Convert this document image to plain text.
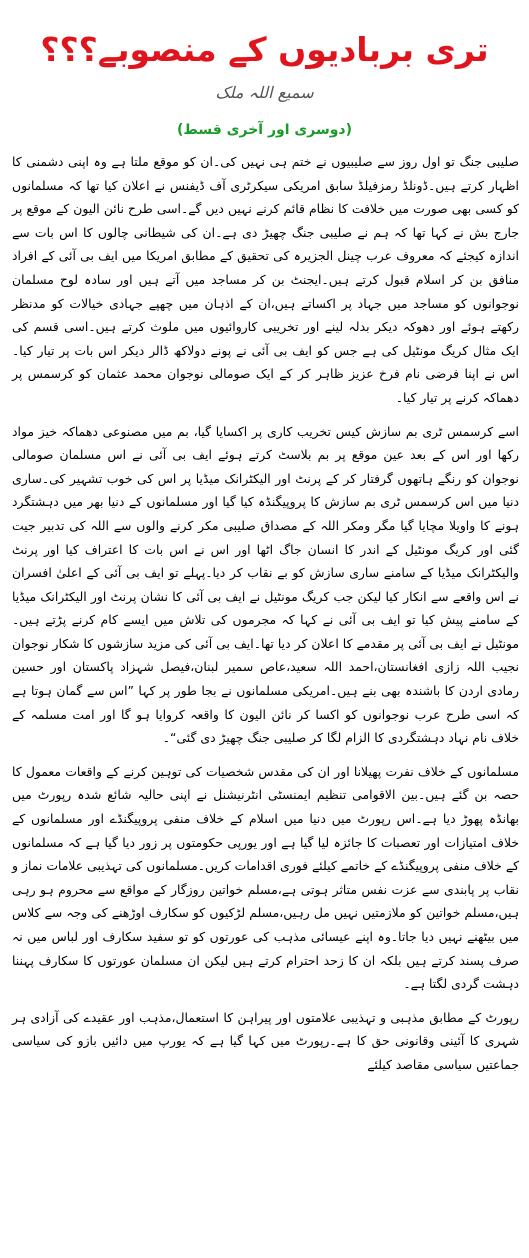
تری بربادیوں کے منصوبے؟؟؟
سمیع اللہ ملک
(دوسری اور آخری قسط)

صلیبی جنگ تو اول روز سے صلیبیوں نے ختم ہی نہیں کی۔ان کو موقع ملتا ہے وہ اپنی دشمنی کا اظہار کرتے ہیں۔ڈونلڈ رمزفیلڈ سابق امریکی سیکرٹری آف ڈیفنس نے اعلان کیا تھا کہ مسلمانوں کو کسی بھی صورت میں خلافت کا نظام قائم کرنے نہیں دیں گے۔اسی طرح نائن الیون کے موقع پر جارج بش نے کہا تھا کہ ہم نے صلیبی جنگ چھیڑ دی ہے۔ان کی شیطانی چالوں کا اس بات سے اندازہ کیجئے کہ معروف عرب چینل الجزیرہ کی تحقیق کے مطابق امریکا میں ایف بی آئی کے افراد منافق بن کر اسلام قبول کرتے ہیں۔ایجنٹ بن کر مساجد میں آتے ہیں اور سادہ لوح مسلمان نوجوانوں کو مساجد میں جہاد پر اکساتے ہیں،ان کے اذہان میں چھپے جہادی خیالات کو مدنظر رکھتے ہوئے اور دھوکہ دیکر بدلہ لینے اور تخریبی کاروائیوں میں ملوث کرتے ہیں۔اسی قسم کی ایک مثال کریگ مونٹیل کی ہے جس کو ایف بی آئی نے پونے دولاکھ ڈالر دیکر اس بات پر تیار کیا۔اس نے اپنا فرضی نام فرخ عزیز ظاہر کر کے ایک صومالی نوجوان محمد عثمان کو کرسمس پر دھماکہ کرنے پر تیار کیا۔

اسے کرسمس ٹری بم سازش کیس تخریب کاری پر اکسایا گیا، بم میں مصنوعی دھماکہ خیز مواد رکھا اور اس کے بعد عین موقع پر بم بلاسٹ کرتے ہوئے ایف بی آئی نے اس مسلمان صومالی نوجوان کو رنگے ہاتھوں گرفتار کر کے پرنٹ اور الیکٹرانک میڈیا پر اس کی خوب تشہیر کی۔ساری دنیا میں اس کرسمس ٹری بم سازش کا پروپیگنڈہ کیا گیا اور مسلمانوں کے دنیا بھر میں دہشتگرد ہونے کا واویلا مچایا گیا مگر ومکر اللہ کے مصداق صلیبی مکر کرنے والوں سے اللہ کی تدبیر جیت گئی اور کریگ مونٹیل کے اندر کا انسان جاگ اٹھا اور اس نے اس بات کا اعتراف کیا اور پرنٹ والیکٹرانک میڈیا کے سامنے ساری سازش کو بے نقاب کر دیا۔پہلے تو ایف بی آئی کے اعلیٰ افسران نے اس واقعے سے انکار کیا لیکن جب کریگ مونٹیل نے ایف بی آئی کا نشان پرنٹ اور الیکٹرانک میڈیا کے سامنے پیش کیا تو ایف بی آئی نے کہا کہ مجرموں کی تلاش میں ایسے کام کرنے پڑتے ہیں۔مونٹیل نے ایف بی آئی پر مقدمے کا اعلان کر دیا تھا۔ایف بی آئی کی مزید سازشوں کا شکار نوجوان نجیب اللہ زازی افغانستان،احمد اللہ سعید،عاص سمیر لبنان،فیصل شہزاد پاکستان اور حسین رمادی اردن کا باشندہ بھی بنے ہیں۔امریکی مسلمانوں نے بجا طور پر کہا ”اس سے گمان ہوتا ہے کہ اسی طرح عرب نوجوانوں کو اکسا کر نائن الیون کا واقعہ کروایا ہو گا اور امت مسلمہ کے خلاف نام نہاد دہشتگردی کا الزام لگا کر صلیبی جنگ چھیڑ دی گئی“۔

مسلمانوں کے خلاف نفرت پھیلانا اور ان کی مقدس شخصیات کی توہین کرنے کے واقعات معمول کا حصہ بن گئے ہیں۔بین الاقوامی تنظیم ایمنسٹی انٹرنیشنل نے اپنی حالیہ شائع شدہ رپورٹ میں بھانڈہ پھوڑ دیا ہے۔اس رپورٹ میں دنیا میں اسلام کے خلاف منفی پروپیگنڈے اور مسلمانوں کے خلاف امتیازات اور تعصبات کا جائزہ لیا گیا ہے اور یورپی حکومتوں پر زور دیا گیا ہے کہ مسلمانوں کے خلاف منفی پروپیگنڈے کے خاتمے کیلئے فوری اقدامات کریں۔مسلمانوں کی تہذیبی علامات نماز و نقاب پر پابندی سے عزت نفس متاثر ہوتی ہے،مسلم خواتین روزگار کے مواقع سے محروم ہو رہی ہیں،مسلم خواتین کو ملازمتیں نہیں مل رہیں،مسلم لڑکیوں کو سکارف اوڑھنے کی وجہ سے کلاس میں بیٹھنے نہیں دیا جاتا۔وہ اپنے عیسائی مذہب کی عورتوں کو تو سفید سکارف اور لباس میں نہ صرف پسند کرتے ہیں بلکہ ان کا زحد احترام کرتے ہیں لیکن ان مسلمان عورتوں کا سکارف پہننا دہشت گردی لگتا ہے۔

رپورٹ کے مطابق مذہبی و تہذیبی علامتوں اور پیراہن کا استعمال،مذہب اور عقیدے کی آزادی ہر شہری کا آئینی وقانونی حق کا ہے۔رپورٹ میں کہا گیا ہے کہ یورپ میں دائیں بازو کی سیاسی جماعتیں سیاسی مقاصد کیلئے
